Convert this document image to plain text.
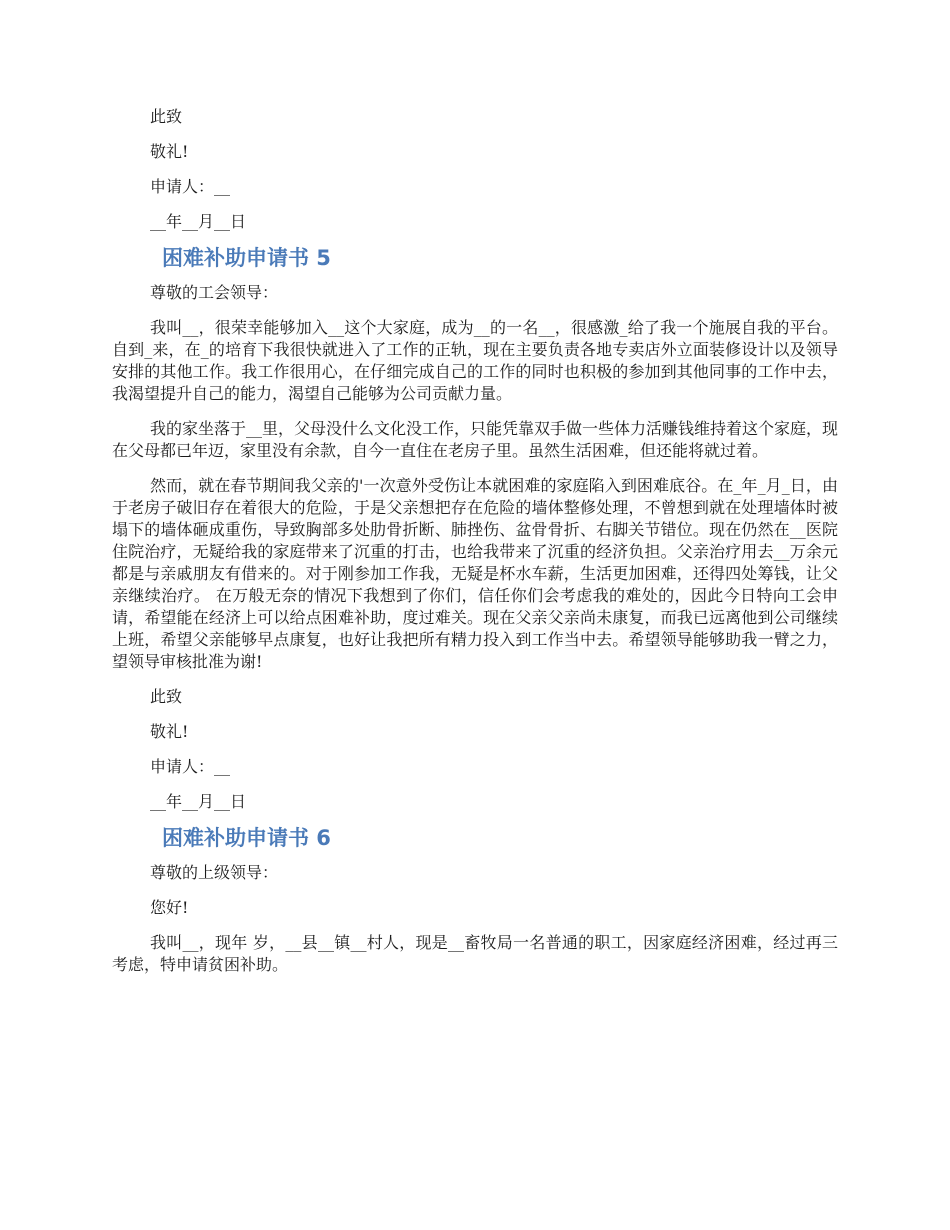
此致

敬礼!

申请人：__

__年__月__日

困难补助申请书 5

尊敬的工会领导：

我叫__，很荣幸能够加入__这个大家庭，成为__的一名__，很感激_给了我一个施展自我的平台。自到_来，在_的培育下我很快就进入了工作的正轨，现在主要负责各地专卖店外立面装修设计以及领导安排的其他工作。我工作很用心，在仔细完成自己的工作的同时也积极的参加到其他同事的工作中去，我渴望提升自己的能力，渴望自己能够为公司贡献力量。

我的家坐落于__里，父母没什么文化没工作，只能凭靠双手做一些体力活赚钱维持着这个家庭，现在父母都已年迈，家里没有余款，自今一直住在老房子里。虽然生活困难，但还能将就过着。

然而，就在春节期间我父亲的'一次意外受伤让本就困难的家庭陷入到困难底谷。在_年_月_日，由于老房子破旧存在着很大的危险，于是父亲想把存在危险的墙体整修处理，不曾想到就在处理墙体时被塌下的墙体砸成重伤，导致胸部多处肋骨折断、肺挫伤、盆骨骨折、右脚关节错位。现在仍然在__医院住院治疗，无疑给我的家庭带来了沉重的打击，也给我带来了沉重的经济负担。父亲治疗用去__万余元都是与亲戚朋友有借来的。对于刚参加工作我，无疑是杯水车薪，生活更加困难，还得四处筹钱，让父亲继续治疗。 在万般无奈的情况下我想到了你们，信任你们会考虑我的难处的，因此今日特向工会申请，希望能在经济上可以给点困难补助，度过难关。现在父亲父亲尚未康复，而我已远离他到公司继续上班，希望父亲能够早点康复，也好让我把所有精力投入到工作当中去。希望领导能够助我一臂之力，望领导审核批准为谢!

此致

敬礼!

申请人：__

__年__月__日

困难补助申请书 6

尊敬的上级领导：

您好!

我叫__，现年 岁，__县__镇__村人，现是__畜牧局一名普通的职工，因家庭经济困难，经过再三考虑，特申请贫困补助。
